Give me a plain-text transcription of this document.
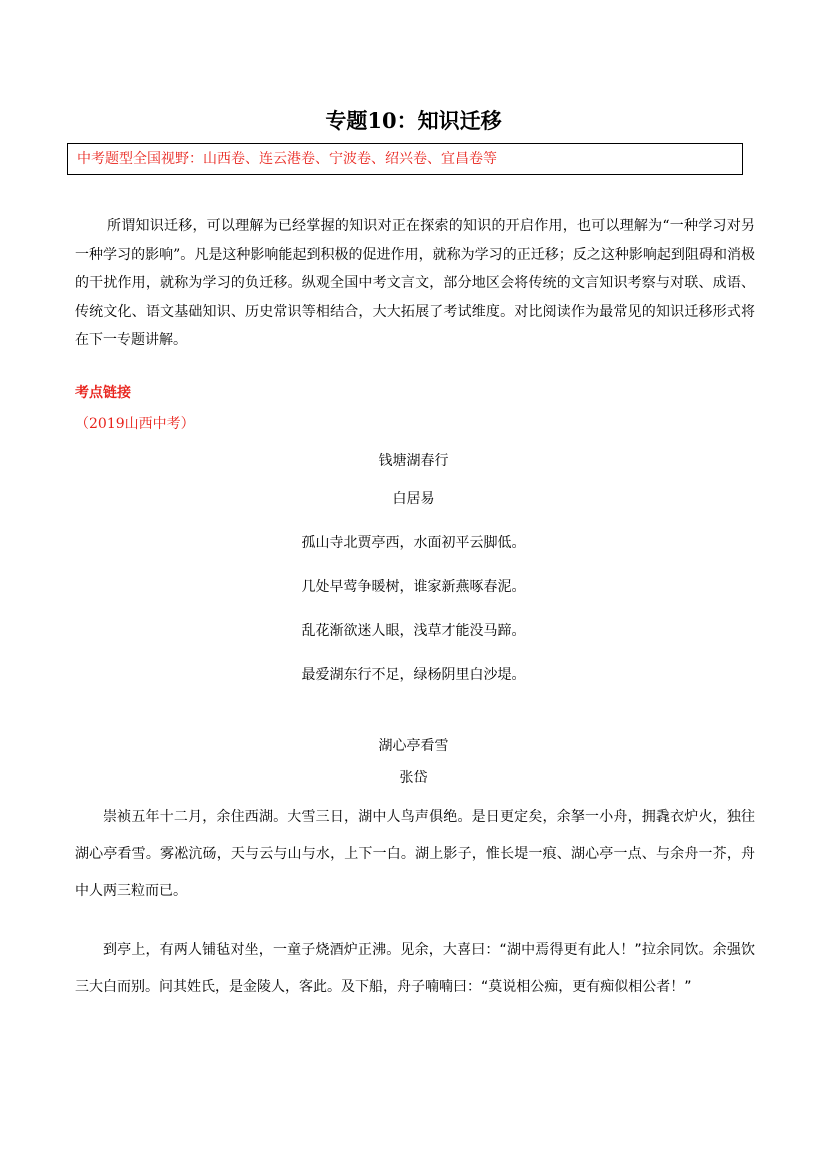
专题10：知识迁移
中考题型全国视野：山西卷、连云港卷、宁波卷、绍兴卷、宜昌卷等
所谓知识迁移，可以理解为已经掌握的知识对正在探索的知识的开启作用，也可以理解为“一种学习对另一种学习的影响”。凡是这种影响能起到积极的促进作用，就称为学习的正迁移；反之这种影响起到阻碍和消极的干扰作用，就称为学习的负迁移。纵观全国中考文言文，部分地区会将传统的文言知识考察与对联、成语、传统文化、语文基础知识、历史常识等相结合，大大拓展了考试维度。对比阅读作为最常见的知识迁移形式将在下一专题讲解。
考点链接
（2019山西中考）
钱塘湖春行
白居易
孤山寺北贾亭西，水面初平云脚低。
几处早莺争暖树，谁家新燕啄春泥。
乱花渐欲迷人眼，浅草才能没马蹄。
最爱湖东行不足，绿杨阴里白沙堤。
湖心亭看雪
张岱
崇祯五年十二月，余住西湖。大雪三日，湖中人鸟声俱绝。是日更定矣，余拏一小舟，拥毳衣炉火，独往湖心亭看雪。雾凇沆砀，天与云与山与水，上下一白。湖上影子，惟长堤一痕、湖心亭一点、与余舟一芥，舟中人两三粒而已。
到亭上，有两人铺毡对坐，一童子烧酒炉正沸。见余，大喜曰：“湖中焉得更有此人！”拉余同饮。余强饮三大白而别。问其姓氏，是金陵人，客此。及下船，舟子喃喃曰：“莫说相公痴，更有痴似相公者！”
